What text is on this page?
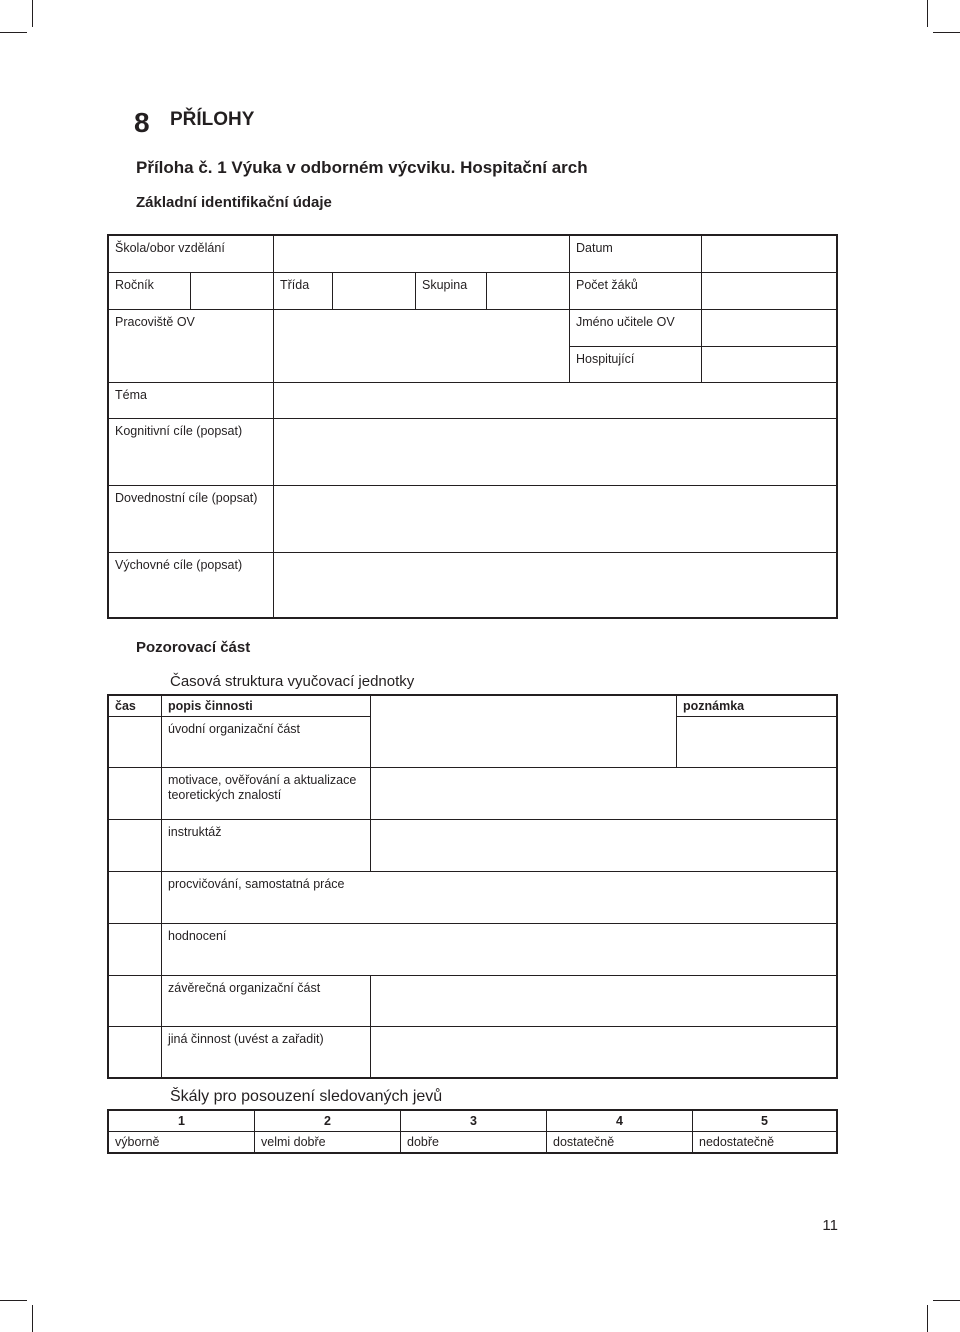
8 PŘÍLOHY
Příloha č. 1 Výuka v odborném výcviku. Hospitační arch
Základní identifikační údaje
Škola/obor vzdělání	Datum
Ročník	Třída	Skupina	Počet žáků
Pracoviště OV	Jméno učitele OV
Hospitující
Téma
Kognitivní cíle (popsat)
Dovednostní cíle (popsat)
Výchovné cíle (popsat)
Pozorovací část
Časová struktura vyučovací jednotky
čas	popis činnosti	poznámka
úvodní organizační část
motivace, ověřování a aktualizace teoretických znalostí
instruktáž
procvičování, samostatná práce
hodnocení
závěrečná organizační část
jiná činnost (uvést a zařadit)
Škály pro posouzení sledovaných jevů
1	2	3	4	5
výborně	velmi dobře	dobře	dostatečně	nedostatečně
11
